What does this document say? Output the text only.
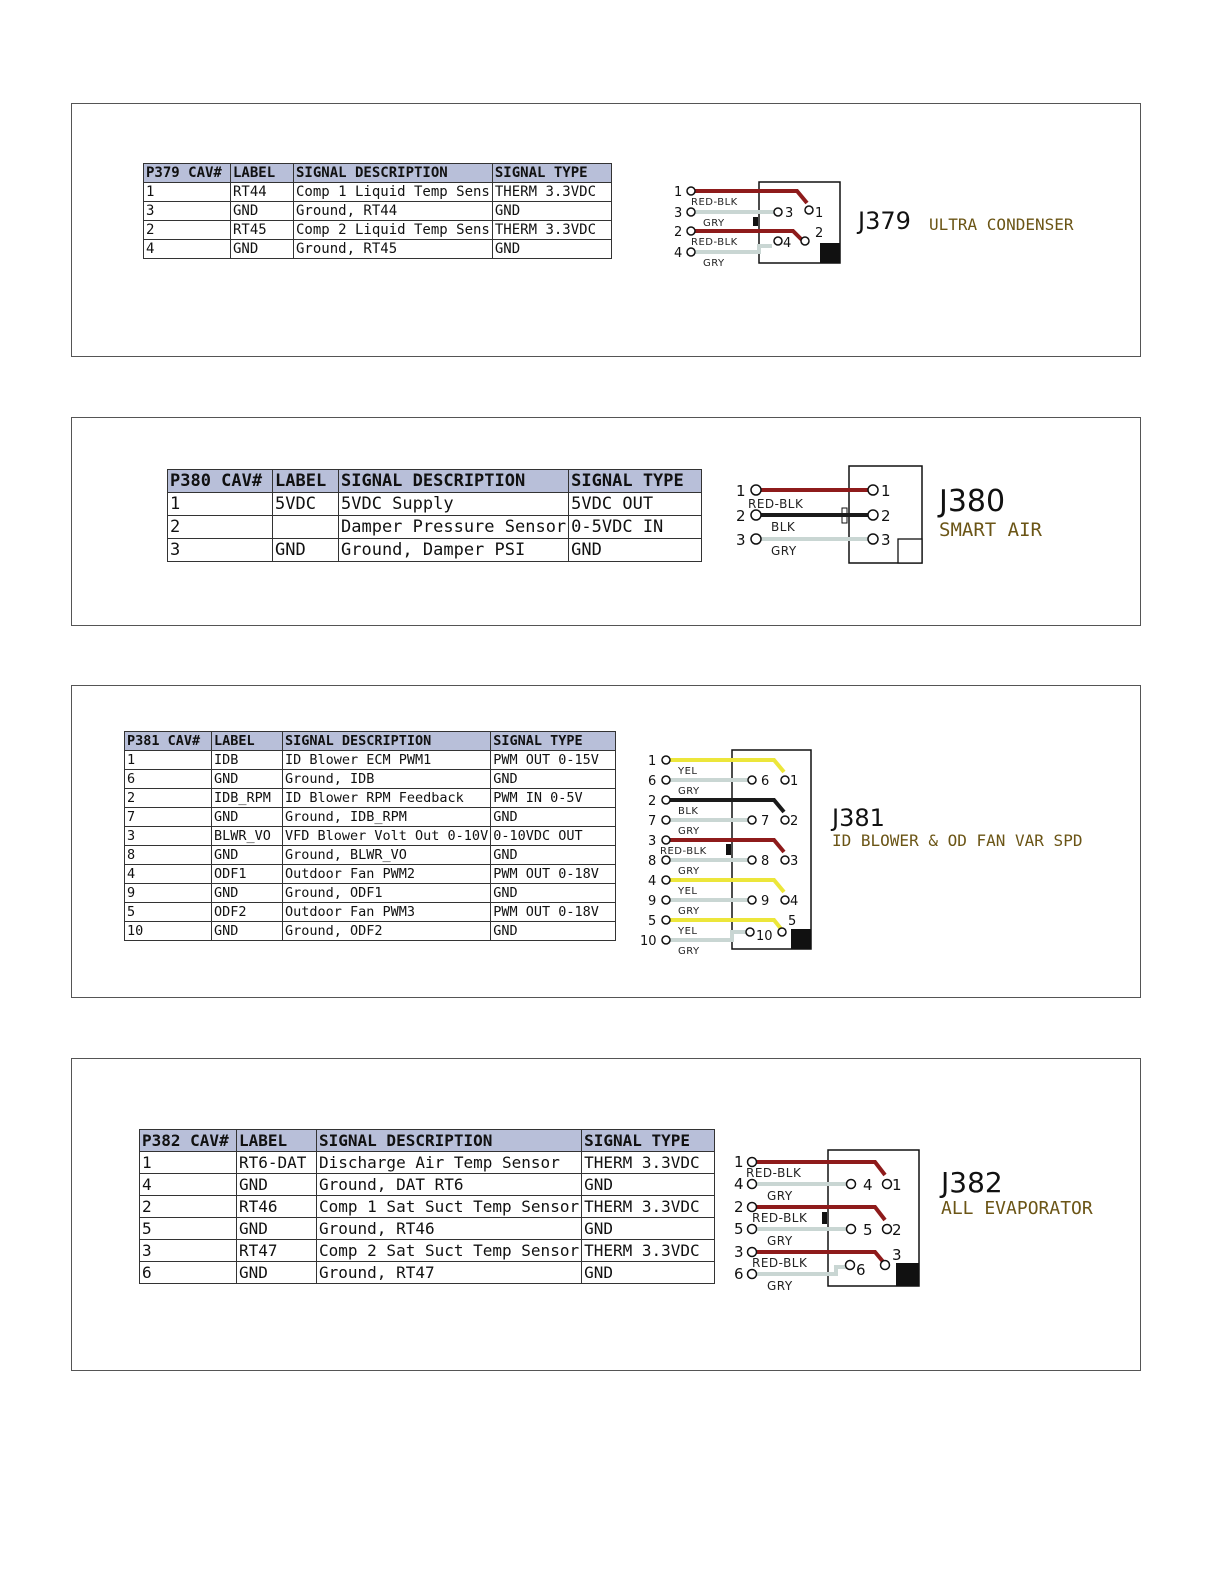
P379 CAV#	LABEL	SIGNAL DESCRIPTION	SIGNAL TYPE
1	RT44	Comp 1 Liquid Temp Sens	THERM 3.3VDC
3	GND	Ground, RT44	GND
2	RT45	Comp 2 Liquid Temp Sens	THERM 3.3VDC
4	GND	Ground, RT45	GND
1
3
2
4
3 1
4
2
RED-BLK
GRY
RED-BLK
GRY
J379 ULTRA CONDENSER
P380 CAV#	LABEL	SIGNAL DESCRIPTION	SIGNAL TYPE
1	5VDC	5VDC Supply	5VDC OUT
2		Damper Pressure Sensor	0-5VDC IN
3	GND	Ground, Damper PSI	GND
1
2
3
1
2
3
RED-BLK
BLK
GRY
J380
SMART AIR
P381 CAV#	LABEL	SIGNAL DESCRIPTION	SIGNAL TYPE
1	IDB	ID Blower ECM PWM1	PWM OUT 0-15V
6	GND	Ground, IDB	GND
2	IDB_RPM	ID Blower RPM Feedback	PWM IN 0-5V
7	GND	Ground, IDB_RPM	GND
3	BLWR_VO	VFD Blower Volt Out 0-10V	0-10VDC OUT
8	GND	Ground, BLWR_VO	GND
4	ODF1	Outdoor Fan PWM2	PWM OUT 0-18V
9	GND	Ground, ODF1	GND
5	ODF2	Outdoor Fan PWM3	PWM OUT 0-18V
10	GND	Ground, ODF2	GND
1
6
2
7
3
8
4
9
5
10
6 1
7 2
8 3
9 4
10
5
YEL
GRY
BLK
GRY
RED-BLK
GRY
YEL
GRY
YEL
GRY
J381
ID BLOWER & OD FAN VAR SPD
P382 CAV#	LABEL	SIGNAL DESCRIPTION	SIGNAL TYPE
1	RT6-DAT	Discharge Air Temp Sensor	THERM 3.3VDC
4	GND	Ground, DAT RT6	GND
2	RT46	Comp 1 Sat Suct Temp Sensor	THERM 3.3VDC
5	GND	Ground, RT46	GND
3	RT47	Comp 2 Sat Suct Temp Sensor	THERM 3.3VDC
6	GND	Ground, RT47	GND
1
4
2
5
3
6
4 1
5 2
6
3
RED-BLK
GRY
RED-BLK
GRY
RED-BLK
GRY
J382
ALL EVAPORATOR
